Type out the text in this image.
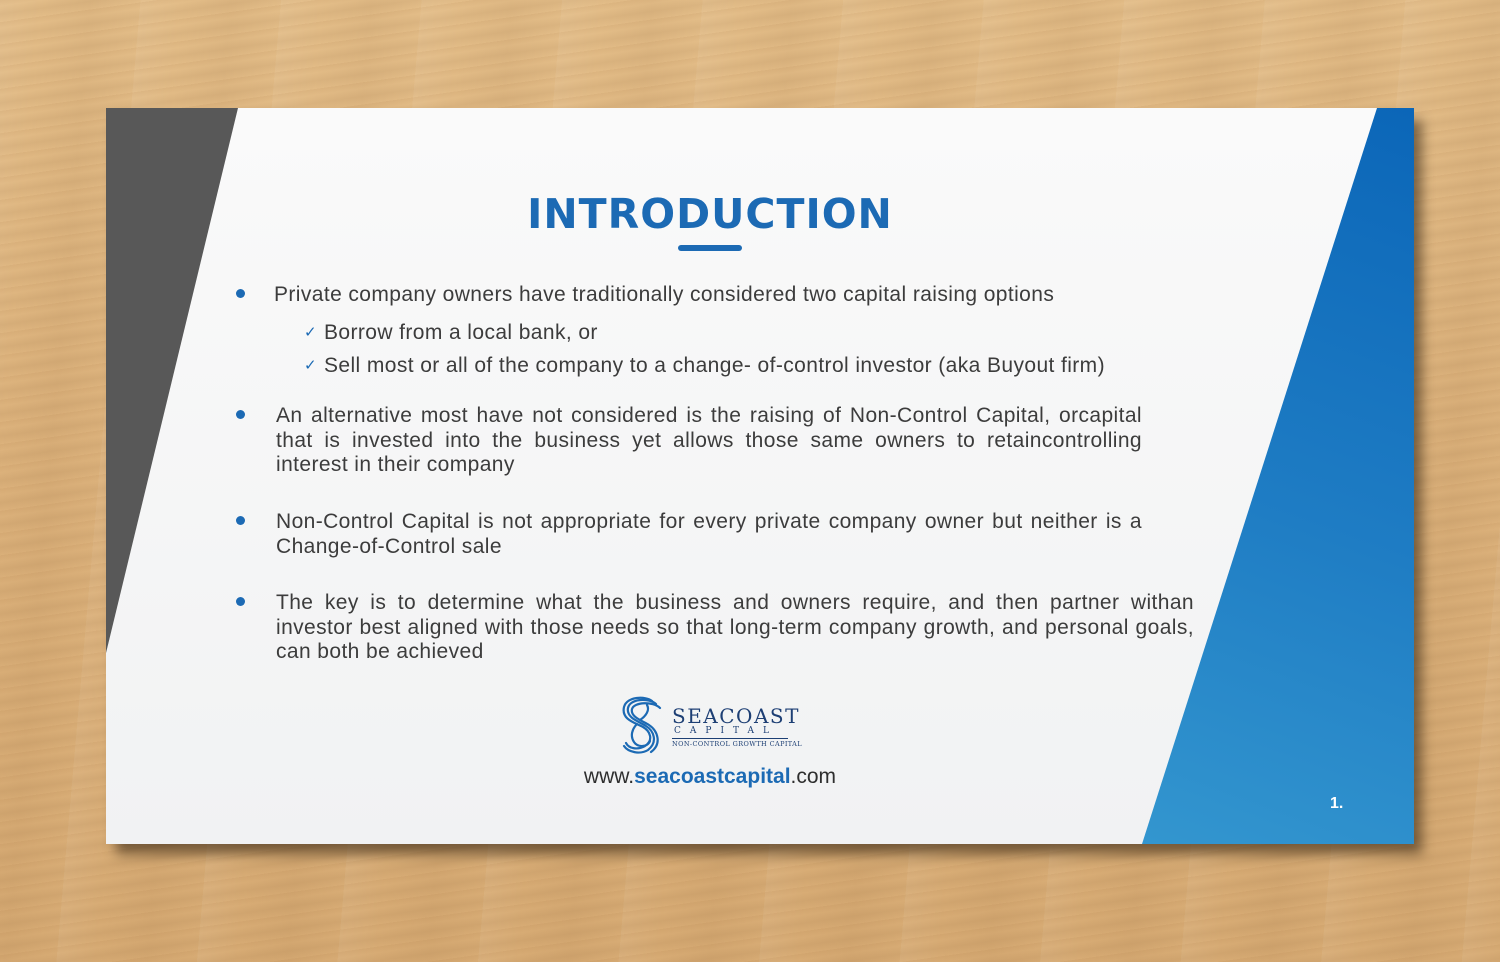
INTRODUCTION
Private company owners have traditionally considered two capital raising options
✓ Borrow from a local bank, or
✓ Sell most or all of the company to a change- of-control investor (aka Buyout firm)
An alternative most have not considered is the raising of Non-Control Capital, orcapital that is invested into the business yet allows those same owners to retaincontrolling interest in their company
Non-Control Capital is not appropriate for every private company owner but neither is a Change-of-Control sale
The key is to determine what the business and owners require, and then partner withan investor best aligned with those needs so that long-term company growth, and personal goals, can both be achieved
SEACOAST
CAPITAL
NON-CONTROL GROWTH CAPITAL
www.seacoastcapital.com
1.
